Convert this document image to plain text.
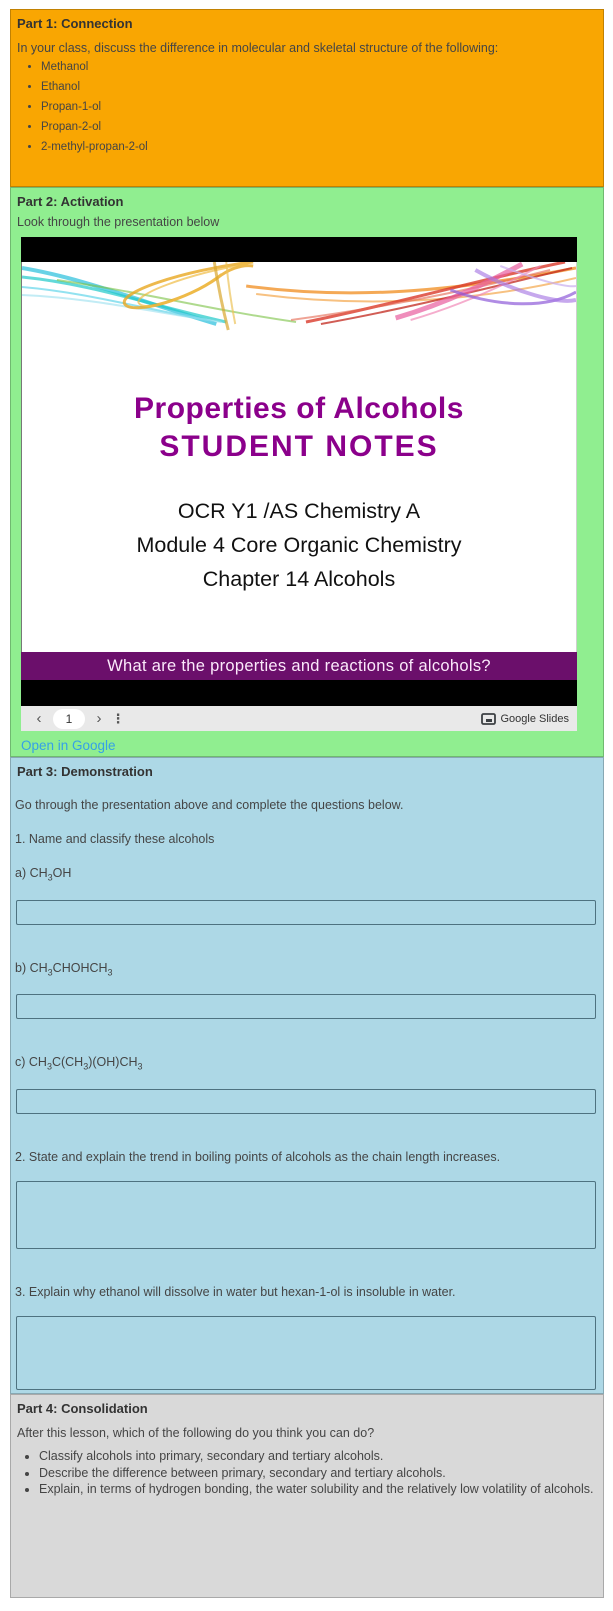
Part 1: Connection

In your class, discuss the difference in molecular and skeletal structure of the following:

• Methanol
• Ethanol
• Propan-1-ol
• Propan-2-ol
• 2-methyl-propan-2-ol
Part 2: Activation

Look through the presentation below

Properties of Alcohols
STUDENT NOTES
OCR Y1 /AS Chemistry A
Module 4 Core Organic Chemistry
Chapter 14 Alcohols
What are the properties and reactions of alcohols?
‹	1	› ⋮	Google Slides
Open in Google
Part 3: Demonstration

Go through the presentation above and complete the questions below.

1. Name and classify these alcohols

a) $CH_3OH$

b) $CH_3CHOHCH_3$

c) $CH_3C(CH_3)(OH)CH_3$

2. State and explain the trend in boiling points of alcohols as the chain length increases.

3. Explain why ethanol will dissolve in water but hexan-1-ol is insoluble in water.

Part 4: Consolidation

After this lesson, which of the following do you think you can do?

• Classify alcohols into primary, secondary and tertiary alcohols.
• Describe the difference between primary, secondary and tertiary alcohols.
• Explain, in terms of hydrogen bonding, the water solubility and the relatively low volatility of alcohols.
